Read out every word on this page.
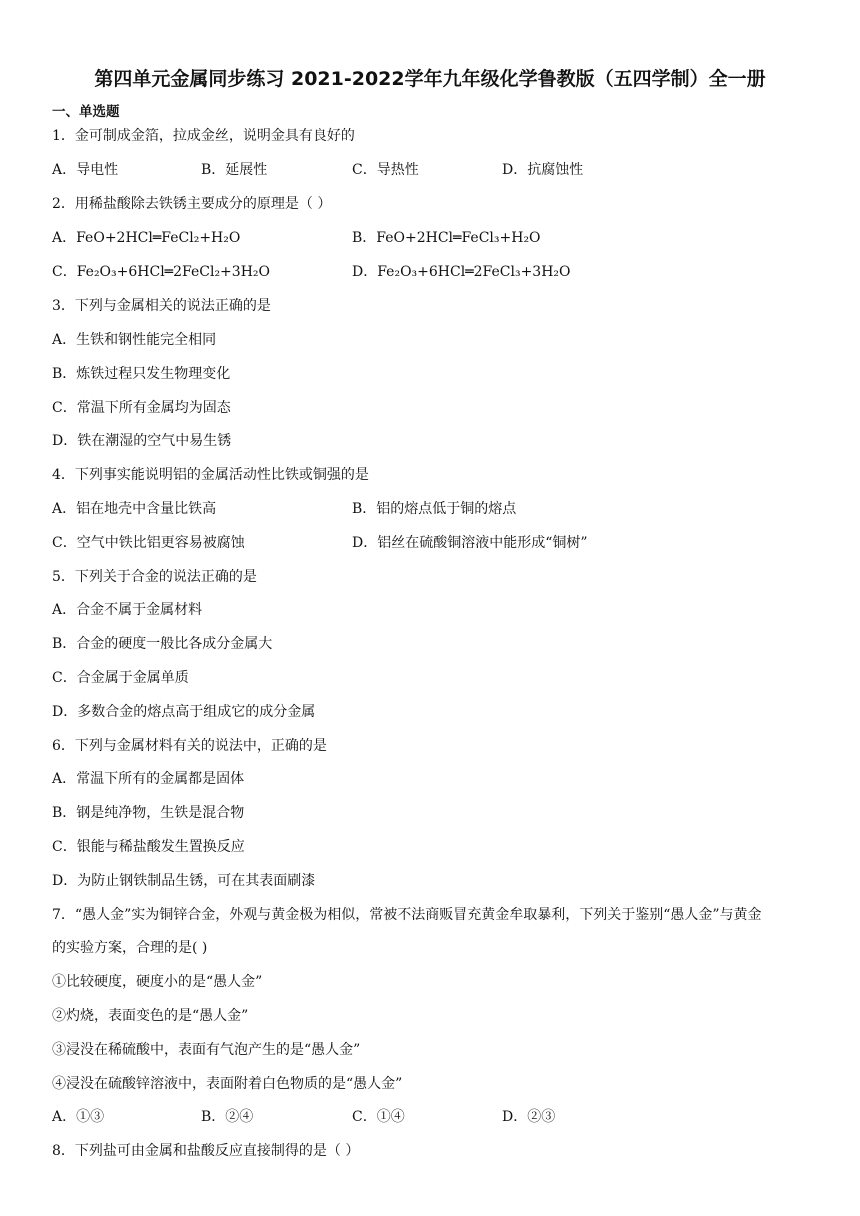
第四单元金属同步练习 2021-2022学年九年级化学鲁教版（五四学制）全一册
一、单选题
1．金可制成金箔，拉成金丝，说明金具有良好的
A．导电性	B．延展性	C．导热性	D．抗腐蚀性
2．用稀盐酸除去铁锈主要成分的原理是（ ）
A．FeO+2HCl═FeCl₂+H₂O	B．FeO+2HCl═FeCl₃+H₂O
C．Fe₂O₃+6HCl═2FeCl₂+3H₂O	D．Fe₂O₃+6HCl═2FeCl₃+3H₂O
3．下列与金属相关的说法正确的是
A．生铁和钢性能完全相同
B．炼铁过程只发生物理变化
C．常温下所有金属均为固态
D．铁在潮湿的空气中易生锈
4．下列事实能说明铝的金属活动性比铁或铜强的是
A．铝在地壳中含量比铁高	B．铝的熔点低于铜的熔点
C．空气中铁比铝更容易被腐蚀	D．铝丝在硫酸铜溶液中能形成“铜树”
5．下列关于合金的说法正确的是
A．合金不属于金属材料
B．合金的硬度一般比各成分金属大
C．合金属于金属单质
D．多数合金的熔点高于组成它的成分金属
6．下列与金属材料有关的说法中，正确的是
A．常温下所有的金属都是固体
B．钢是纯净物，生铁是混合物
C．银能与稀盐酸发生置换反应
D．为防止钢铁制品生锈，可在其表面刷漆
7．“愚人金”实为铜锌合金，外观与黄金极为相似，常被不法商贩冒充黄金牟取暴利，下列关于鉴别“愚人金”与黄金
的实验方案，合理的是( )
①比较硬度，硬度小的是“愚人金”
②灼烧，表面变色的是“愚人金”
③浸没在稀硫酸中，表面有气泡产生的是“愚人金”
④浸没在硫酸锌溶液中，表面附着白色物质的是“愚人金”
A．①③	B．②④	C．①④	D．②③
8．下列盐可由金属和盐酸反应直接制得的是（ ）
